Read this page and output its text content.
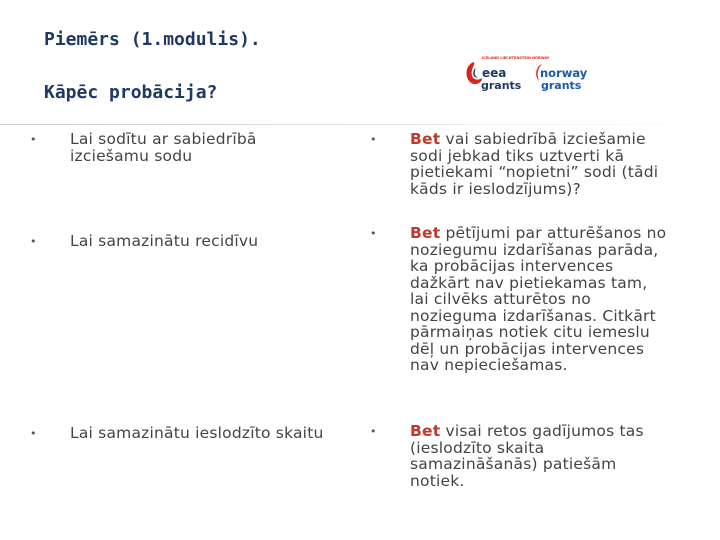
Piemērs (1.modulis).
Kāpēc probācija?
ICELAND LIECHTENSTEIN NORWAY
eea
grants
norway
grants
• Lai sodītu ar sabiedrībā izciešamu sodu
• Lai samazinātu recidīvu
• Lai samazinātu ieslodzīto skaitu
• Bet vai sabiedrībā izciešamie sodi jebkad tiks uztverti kā pietiekami “nopietni” sodi (tādi kāds ir ieslodzījums)?
• Bet pētījumi par atturēšanos no noziegumu izdarīšanas parāda, ka probācijas intervences dažkārt nav pietiekamas tam, lai cilvēks atturētos no nozieguma izdarīšanas. Citkārt pārmaiņas notiek citu iemeslu dēļ un probācijas intervences nav nepieciešamas.
• Bet visai retos gadījumos tas (ieslodzīto skaita samazināšanās) patiešām notiek.
